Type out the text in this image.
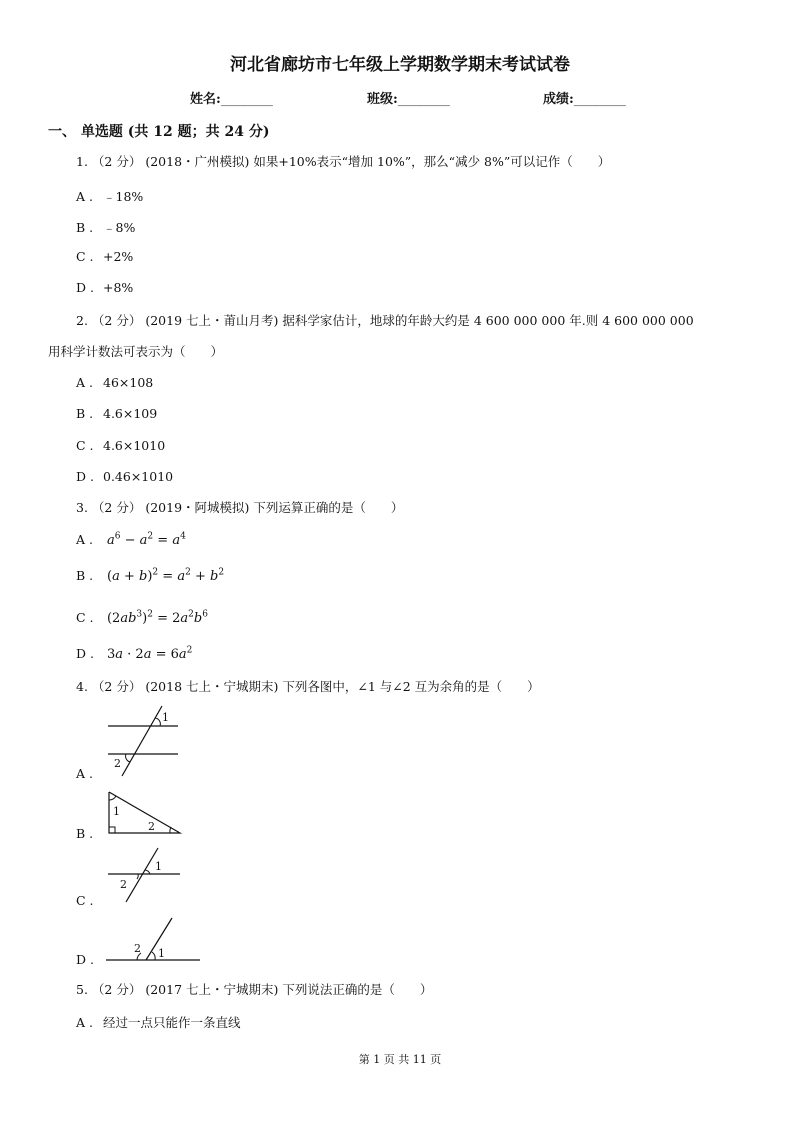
河北省廊坊市七年级上学期数学期末考试试卷
姓名:________	班级:________	成绩:________
一、 单选题 (共 12 题；共 24 分)
1. （2 分） (2018・广州模拟) 如果+10%表示“增加 10%”，那么“减少 8%”可以记作（　　）
A . ﹣18%
B . ﹣8%
C . +2%
D . +8%
2. （2 分） (2019 七上・莆山月考) 据科学家估计，地球的年龄大约是 4 600 000 000 年.则 4 600 000 000
用科学计数法可表示为（　　）
A . 46×108
B . 4.6×109
C . 4.6×1010
D . 0.46×1010
3. （2 分） (2019・阿城模拟) 下列运算正确的是（　　）
A . $a^6 - a^2 = a^4$
B . $(a + b)^2 = a^2 + b^2$
C . $(2ab^3)^2 = 2a^2b^6$
D . $3a \cdot 2a = 6a^2$
4. （2 分） (2018 七上・宁城期末) 下列各图中，∠1 与∠2 互为余角的是（　　）
A .
1
2
B .
1
2
C .
1
2
D .
2 1
5. （2 分） (2017 七上・宁城期末) 下列说法正确的是（　　）
A . 经过一点只能作一条直线
第 1 页 共 11 页
